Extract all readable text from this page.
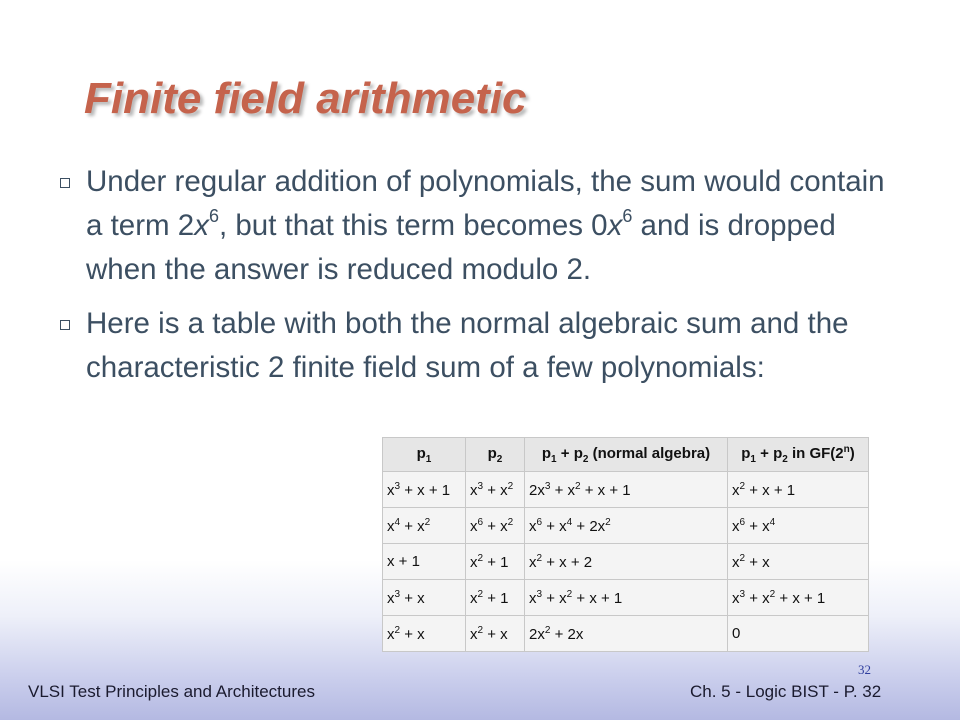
Finite field arithmetic
Under regular addition of polynomials, the sum would contain a term $2x^6$, but that this term becomes $0x^6$ and is dropped when the answer is reduced modulo 2.
Here is a table with both the normal algebraic sum and the characteristic 2 finite field sum of a few polynomials:
$p_1$	$p_2$	$p_1 + p_2$ (normal algebra)	$p_1 + p_2$ in GF(2$^n$)
$x^3 + x + 1$	$x^3 + x^2$	$2x^3 + x^2 + x + 1$	$x^2 + x + 1$
$x^4 + x^2$	$x^6 + x^2$	$x^6 + x^4 + 2x^2$	$x^6 + x^4$
x + 1	$x^2 + 1$	$x^2 + x + 2$	$x^2 + x$
$x^3 + x$	$x^2 + 1$	$x^3 + x^2 + x + 1$	$x^3 + x^2 + x + 1$
$x^2 + x$	$x^2 + x$	$2x^2 + 2x$	0
32
VLSI Test Principles and Architectures	Ch. 5 - Logic BIST - P. 32
